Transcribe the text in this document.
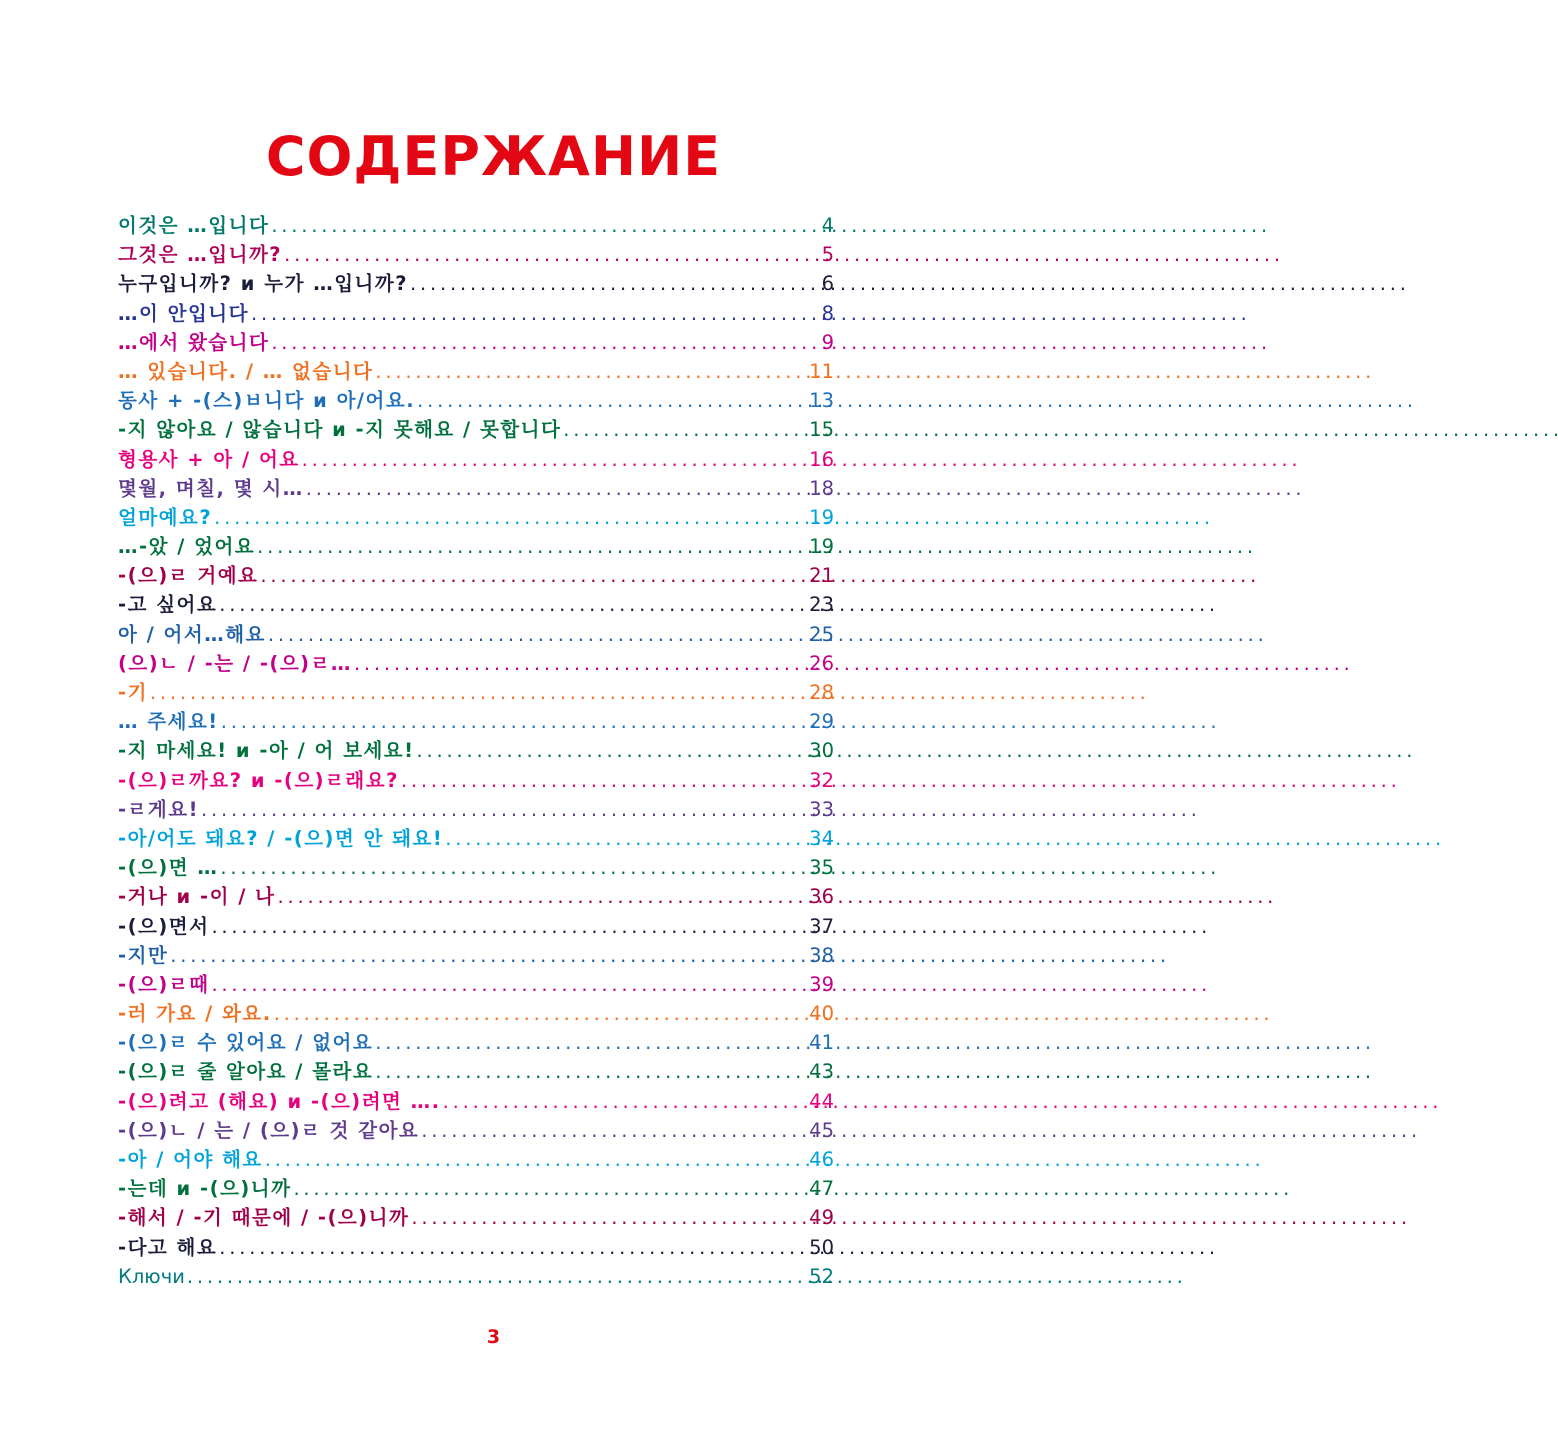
СОДЕРЖАНИЕ
이것은 …입니다 . . .	4
그것은 …입니까? . . .	5
누구입니까? и 누가 …입니까? . . .	6
…이 안입니다 . . .	8
…에서 왔습니다 . . .	9
… 있습니다. / … 없습니다 . . .	11
동사 + -(스)ㅂ니다 и 아/어요. . . .	13
-지 않아요 / 않습니다 и -지 못해요 / 못합니다 . . .	15
형용사 + 아 / 어요 . . .	16
몇월, 며칠, 몇 시… . . .	18
얼마예요? . . .	19
…-았 / 었어요 . . .	19
-(으)ㄹ 거예요 . . .	21
-고 싶어요 . . .	23
아 / 어서…해요 . . .	25
(으)ㄴ / -는 / -(으)ㄹ… . . .	26
-기 . . .	28
… 주세요! . . .	29
-지 마세요! и -아 / 어 보세요! . . .	30
-(으)ㄹ까요? и -(으)ㄹ래요? . . .	32
-ㄹ게요! . . .	33
-아/어도 돼요? / -(으)면 안 돼요! . . .	34
-(으)면 … . . .	35
-거나 и -이 / 나 . . .	36
-(으)면서 . . .	37
-지만 . . .	38
-(으)ㄹ때 . . .	39
-러 가요 / 와요. . . .	40
-(으)ㄹ 수 있어요 / 없어요 . . .	41
-(으)ㄹ 줄 알아요 / 몰라요 . . .	43
-(으)려고 (해요) и -(으)려면 …. . . .	44
-(으)ㄴ / 는 / (으)ㄹ 것 같아요 . . .	45
-아 / 어야 해요 . . .	46
-는데 и -(으)니까 . . .	47
-해서 / -기 때문에 / -(으)니까 . . .	49
-다고 해요 . . .	50
Ключи . . .	52
3
